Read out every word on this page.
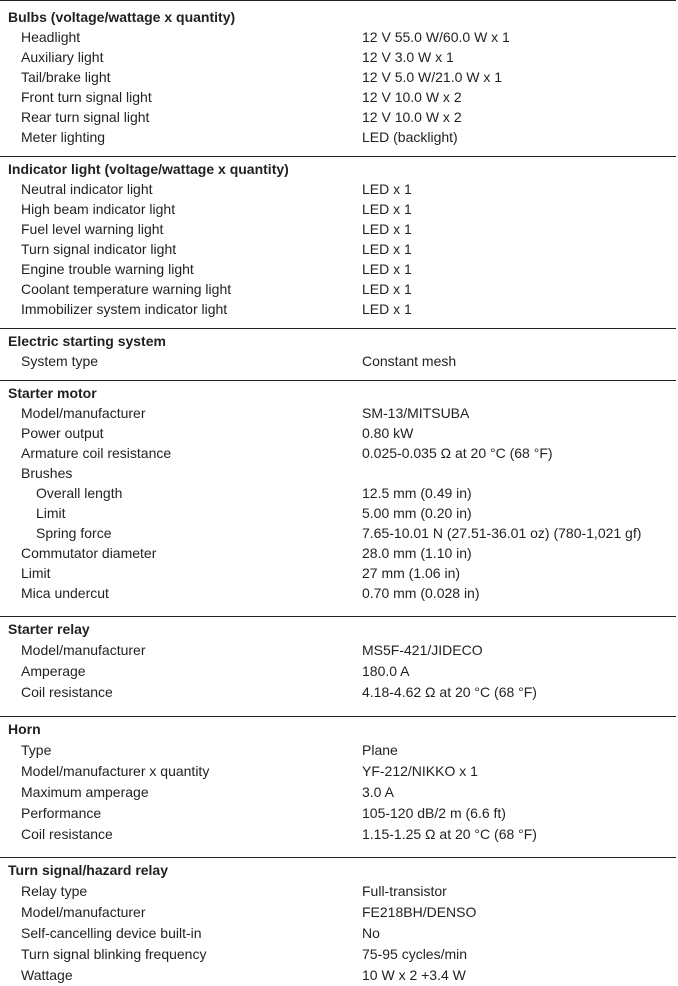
Bulbs (voltage/wattage x quantity)
Headlight	12 V 55.0 W/60.0 W x 1
Auxiliary light	12 V 3.0 W x 1
Tail/brake light	12 V 5.0 W/21.0 W x 1
Front turn signal light	12 V 10.0 W x 2
Rear turn signal light	12 V 10.0 W x 2
Meter lighting	LED (backlight)
Indicator light (voltage/wattage x quantity)
Neutral indicator light	LED x 1
High beam indicator light	LED x 1
Fuel level warning light	LED x 1
Turn signal indicator light	LED x 1
Engine trouble warning light	LED x 1
Coolant temperature warning light	LED x 1
Immobilizer system indicator light	LED x 1
Electric starting system
System type	Constant mesh
Starter motor
Model/manufacturer	SM-13/MITSUBA
Power output	0.80 kW
Armature coil resistance	0.025-0.035 Ω at 20 °C (68 °F)
Brushes
Overall length	12.5 mm (0.49 in)
Limit	5.00 mm (0.20 in)
Spring force	7.65-10.01 N (27.51-36.01 oz) (780-1,021 gf)
Commutator diameter	28.0 mm (1.10 in)
Limit	27 mm (1.06 in)
Mica undercut	0.70 mm (0.028 in)
Starter relay
Model/manufacturer	MS5F-421/JIDECO
Amperage	180.0 A
Coil resistance	4.18-4.62 Ω at 20 °C (68 °F)
Horn
Type	Plane
Model/manufacturer x quantity	YF-212/NIKKO x 1
Maximum amperage	3.0 A
Performance	105-120 dB/2 m (6.6 ft)
Coil resistance	1.15-1.25 Ω at 20 °C (68 °F)
Turn signal/hazard relay
Relay type	Full-transistor
Model/manufacturer	FE218BH/DENSO
Self-cancelling device built-in	No
Turn signal blinking frequency	75-95 cycles/min
Wattage	10 W x 2 +3.4 W
